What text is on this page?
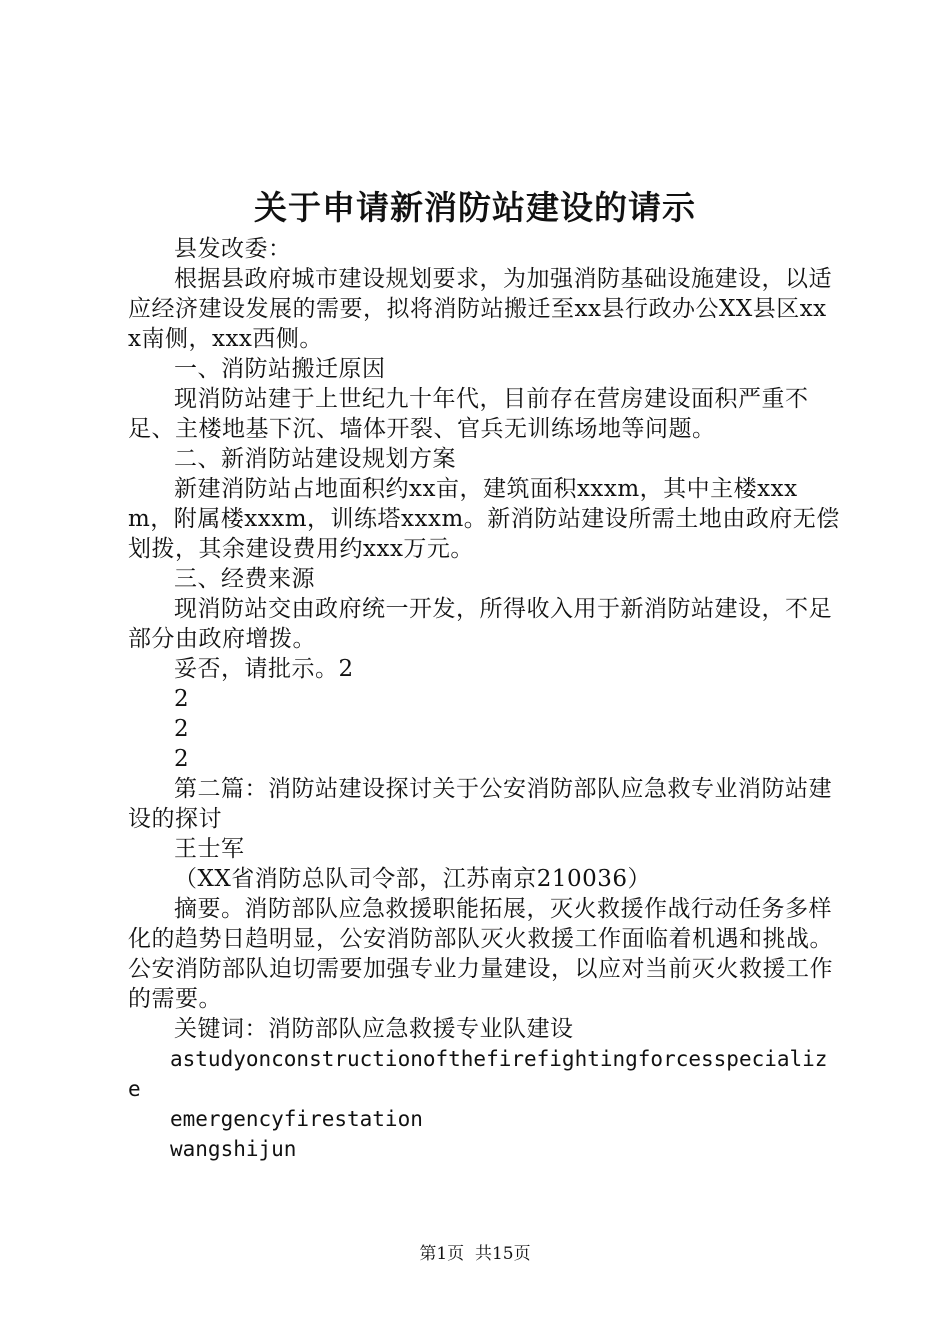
关于申请新消防站建设的请示

县发改委：

根据县政府城市建设规划要求，为加强消防基础设施建设，以适应经济建设发展的需要，拟将消防站搬迁至xx县行政办公XX县区xxx南侧，xxx西侧。

一、消防站搬迁原因

现消防站建于上世纪九十年代，目前存在营房建设面积严重不足、主楼地基下沉、墙体开裂、官兵无训练场地等问题。

二、新消防站建设规划方案

新建消防站占地面积约xx亩，建筑面积xxxm，其中主楼xxxm，附属楼xxxm，训练塔xxxm。新消防站建设所需土地由政府无偿划拨，其余建设费用约xxx万元。

三、经费来源

现消防站交由政府统一开发，所得收入用于新消防站建设，不足部分由政府增拨。

妥否，请批示。2

2

2

2

第二篇：消防站建设探讨关于公安消防部队应急救专业消防站建设的探讨

王士军

（XX省消防总队司令部，江苏南京210036）

摘要。消防部队应急救援职能拓展，灭火救援作战行动任务多样化的趋势日趋明显，公安消防部队灭火救援工作面临着机遇和挑战。公安消防部队迫切需要加强专业力量建设，以应对当前灭火救援工作的需要。

关键词：消防部队应急救援专业队建设

astudyonconstructionofthefirefightingforcesspecialize

emergencyfirestation

wangshijun

第1页  共15页
